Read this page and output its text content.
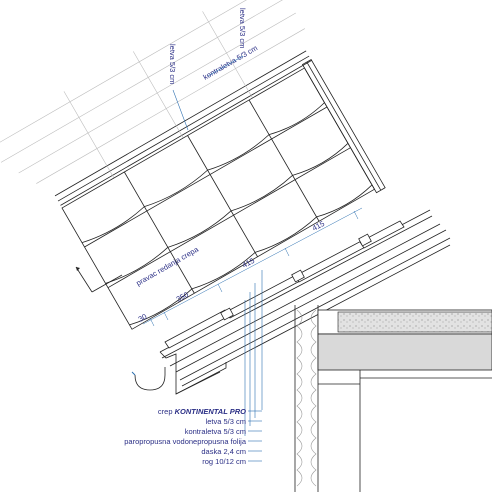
letva 5/3 cm
kontraletva 5/3 cm
letva 5/3 cm
pravac redanja crepa
30
350
415
415
crep KONTINENTAL PRO
letva 5/3 cm
kontraletva 5/3 cm
paropropusna vodonepropusna folija
daska 2,4 cm
rog 10/12 cm
